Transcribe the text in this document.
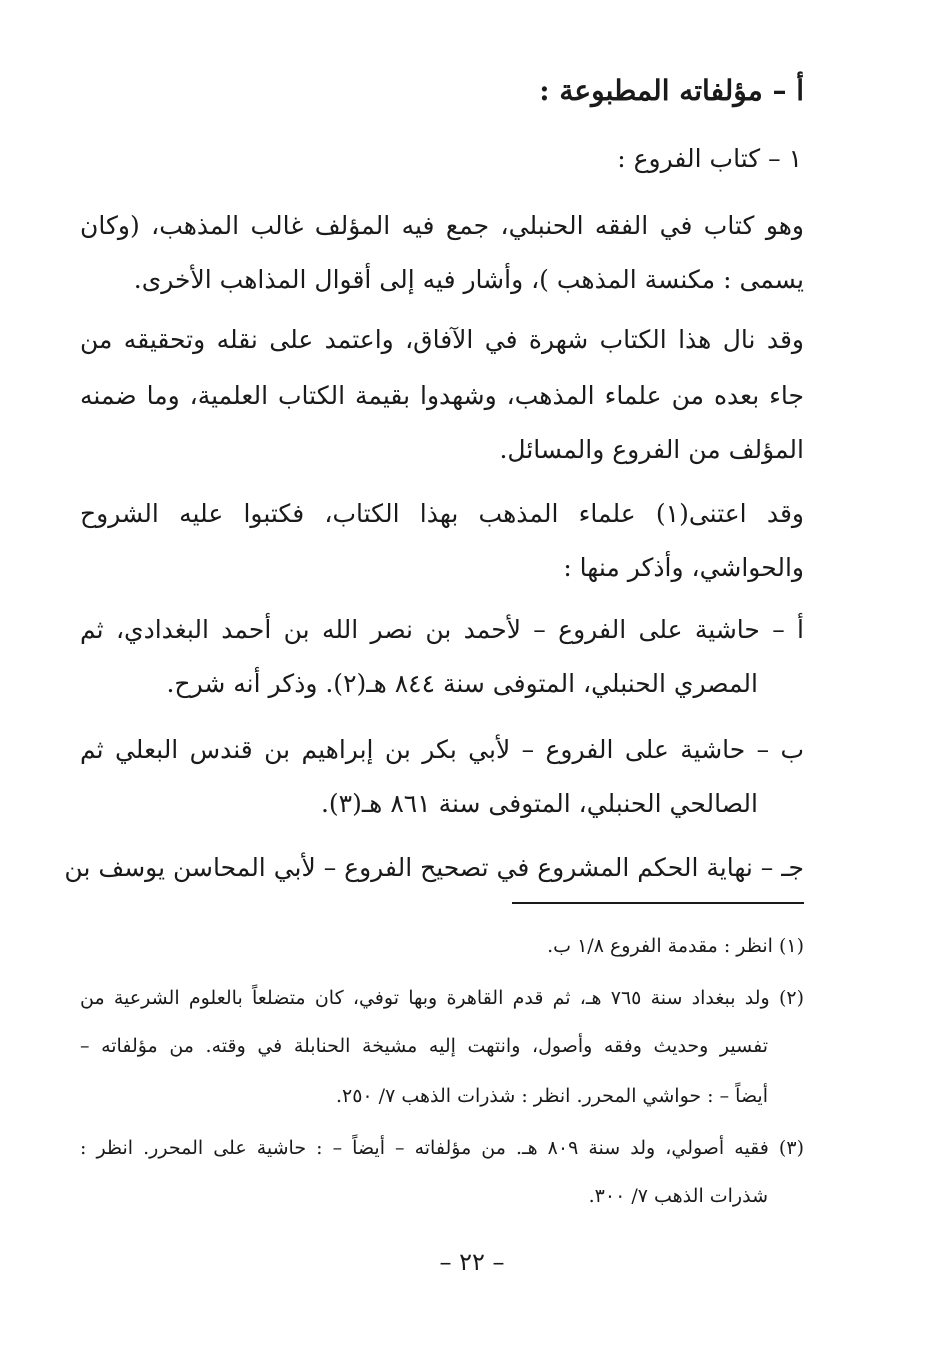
أ – مؤلفاته المطبوعة :
١ – كتاب الفروع :
وهو كتاب في الفقه الحنبلي، جمع فيه المؤلف غالب المذهب، (وكان
يسمى : مكنسة المذهب )، وأشار فيه إلى أقوال المذاهب الأخرى.
وقد نال هذا الكتاب شهرة في الآفاق، واعتمد على نقله وتحقيقه من
جاء بعده من علماء المذهب، وشهدوا بقيمة الكتاب العلمية، وما ضمنه
المؤلف من الفروع والمسائل.
وقد اعتنى(١) علماء المذهب بهذا الكتاب، فكتبوا عليه الشروح
والحواشي، وأذكر منها :
أ – حاشية على الفروع – لأحمد بن نصر الله بن أحمد البغدادي، ثم
المصري الحنبلي، المتوفى سنة ٨٤٤ هـ(٢). وذكر أنه شرح.
ب – حاشية على الفروع – لأبي بكر بن إبراهيم بن قندس البعلي ثم
الصالحي الحنبلي، المتوفى سنة ٨٦١ هـ(٣).
جـ – نهاية الحكم المشروع في تصحيح الفروع – لأبي المحاسن يوسف بن
(١) انظر : مقدمة الفروع ١/٨ ب.
(٢) ولد ببغداد سنة ٧٦٥ هـ، ثم قدم القاهرة وبها توفي، كان متضلعاً بالعلوم الشرعية من
تفسير وحديث وفقه وأصول، وانتهت إليه مشيخة الحنابلة في وقته. من مؤلفاته –
أيضاً – : حواشي المحرر. انظر : شذرات الذهب ٧/ ٢٥٠.
(٣) فقيه أصولي، ولد سنة ٨٠٩ هـ. من مؤلفاته – أيضاً – : حاشية على المحرر. انظر :
شذرات الذهب ٧/ ٣٠٠.
– ٢٢ –
